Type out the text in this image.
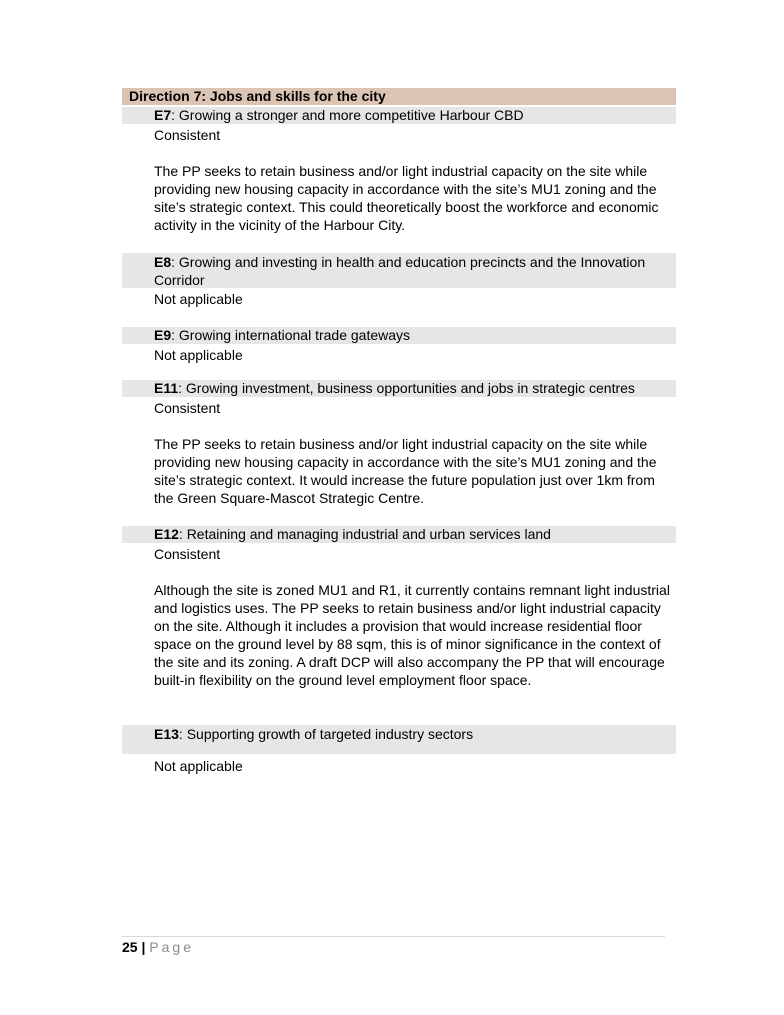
Direction 7: Jobs and skills for the city
E7: Growing a stronger and more competitive Harbour CBD

Consistent

The PP seeks to retain business and/or light industrial capacity on the site while providing new housing capacity in accordance with the site’s MU1 zoning and the site’s strategic context. This could theoretically boost the workforce and economic activity in the vicinity of the Harbour City.

E8: Growing and investing in health and education precincts and the Innovation Corridor

Not applicable

E9: Growing international trade gateways

Not applicable

E11: Growing investment, business opportunities and jobs in strategic centres

Consistent

The PP seeks to retain business and/or light industrial capacity on the site while providing new housing capacity in accordance with the site’s MU1 zoning and the site’s strategic context. It would increase the future population just over 1km from the Green Square-Mascot Strategic Centre.

E12: Retaining and managing industrial and urban services land

Consistent

Although the site is zoned MU1 and R1, it currently contains remnant light industrial and logistics uses. The PP seeks to retain business and/or light industrial capacity on the site. Although it includes a provision that would increase residential floor space on the ground level by 88 sqm, this is of minor significance in the context of the site and its zoning. A draft DCP will also accompany the PP that will encourage built-in flexibility on the ground level employment floor space.

E13: Supporting growth of targeted industry sectors

Not applicable

25 | Page
